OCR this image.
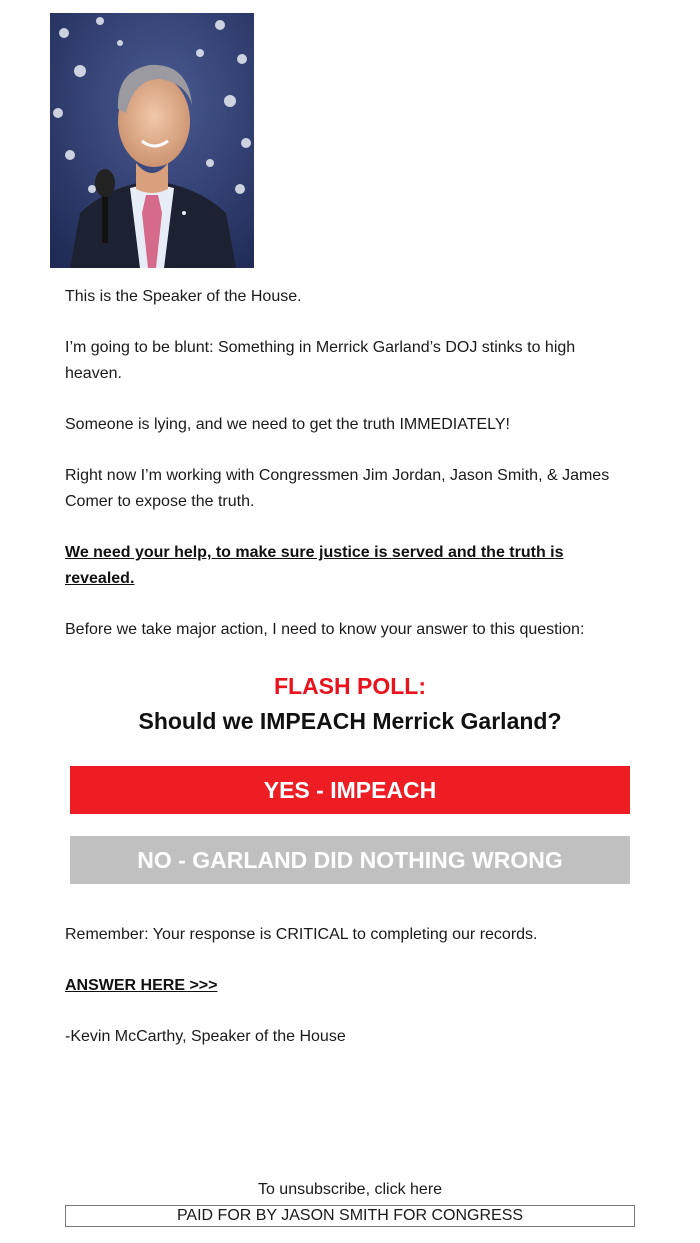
This is the Speaker of the House.

I’m going to be blunt: Something in Merrick Garland’s DOJ stinks to high heaven.

Someone is lying, and we need to get the truth IMMEDIATELY!

Right now I’m working with Congressmen Jim Jordan, Jason Smith, & James Comer to expose the truth.

We need your help, to make sure justice is served and the truth is revealed.

Before we take major action, I need to know your answer to this question:

FLASH POLL:
Should we IMPEACH Merrick Garland?
YES - IMPEACH
NO - GARLAND DID NOTHING WRONG
Remember: Your response is CRITICAL to completing our records.
ANSWER HERE >>>
-Kevin McCarthy, Speaker of the House
To unsubscribe, click here
PAID FOR BY JASON SMITH FOR CONGRESS
